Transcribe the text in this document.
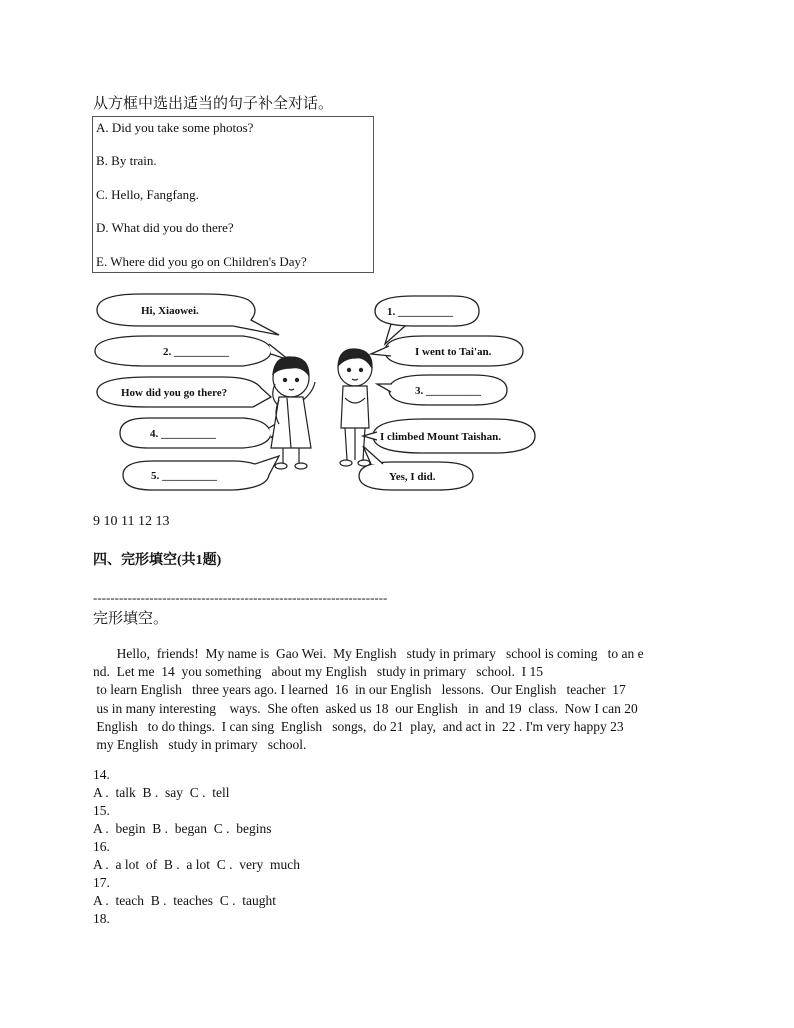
从方框中选出适当的句子补全对话。
A. Did you take some photos?
B. By train.
C. Hello, Fangfang.
D. What did you do there?
E. Where did you go on Children's Day?
Hi, Xiaowei.
2. __________
How did you go there?
4. __________
5. __________
1. __________
I went to Tai'an.
3. __________
I climbed Mount Taishan.
Yes, I did.
9 10 11 12 13
四、完形填空(共1题)
--------------------------------------------------------------------
完形填空。
Hello,  friends!  My name is  Gao Wei.  My English   study in primary   school is coming   to an e
nd.  Let me  14  you something   about my English   study in primary   school.  I 15
to learn English   three years ago. I learned  16  in our English   lessons.  Our English   teacher  17
us in many interesting    ways.  She often  asked us 18  our English   in  and 19  class.  Now I can 20
English   to do things.  I can sing  English   songs,  do 21  play,  and act in  22 . I'm very happy 23
my English   study in primary   school.
14.
A .  talk  B .  say  C .  tell
15.
A .  begin  B .  began  C .  begins
16.
A .  a lot  of  B .  a lot  C .  very  much
17.
A .  teach  B .  teaches  C .  taught
18.
